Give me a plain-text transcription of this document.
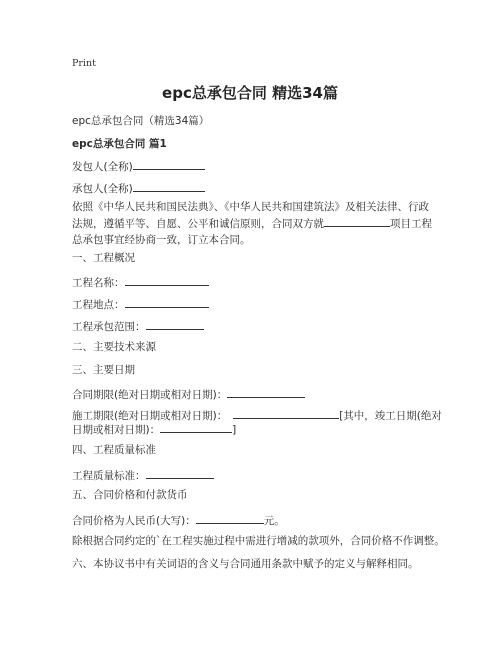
Print
epc总承包合同 精选34篇
epc总承包合同（精选34篇）
epc总承包合同 篇1
发包人(全称)
承包人(全称)
依照《中华人民共和国民法典》、《中华人民共和国建筑法》及相关法律、行政法规，遵循平等、自愿、公平和诚信原则，合同双方就	项目工程总承包事宜经协商一致，订立本合同。
一、工程概况
工程名称：
工程地点：
工程承包范围：
二、主要技术来源
三、主要日期
合同期限(绝对日期或相对日期)：
施工期限(绝对日期或相对日期)：	[其中，竣工日期(绝对
日期或相对日期)：	]
四、工程质量标准
工程质量标准：
五、合同价格和付款货币
合同价格为人民币(大写)：	元。
除根据合同约定的`在工程实施过程中需进行增减的款项外，合同价格不作调整。
六、本协议书中有关词语的含义与合同通用条款中赋予的定义与解释相同。
